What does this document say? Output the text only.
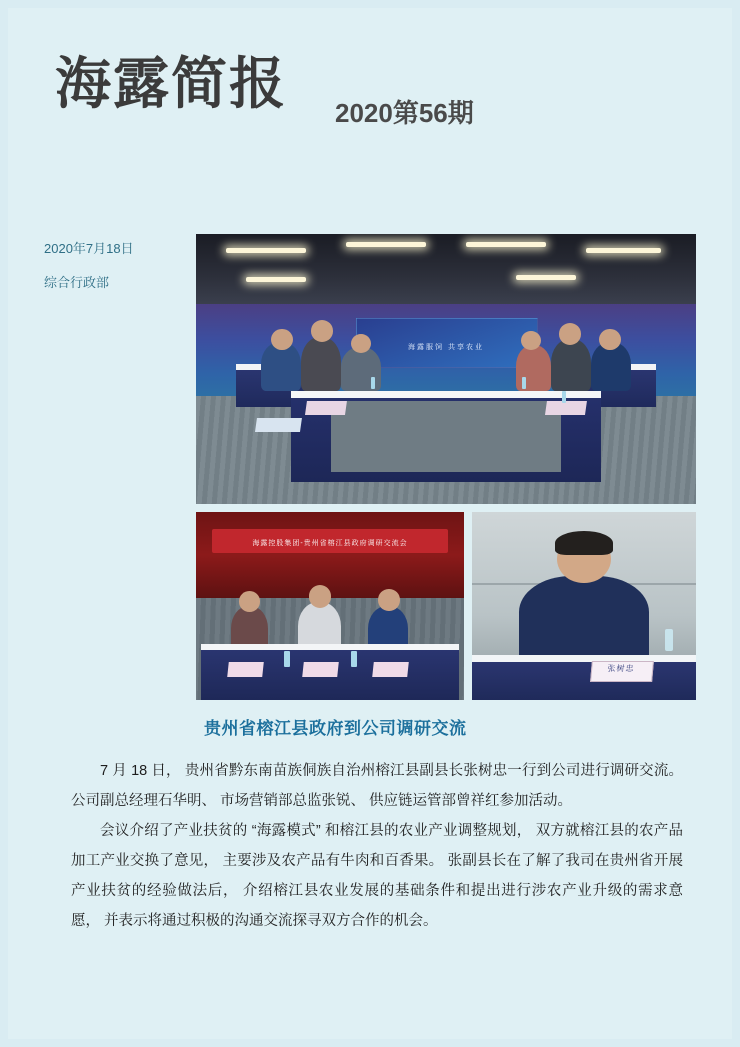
海露简报 2020第56期
2020年7月18日
综合行政部
海露服饲 共享农业
海露控股集团-贵州省榕江县政府调研交流会
张树忠
贵州省榕江县政府到公司调研交流

7 月 18 日， 贵州省黔东南苗族侗族自治州榕江县副县长张树忠一行到公司进行调研交流。 公司副总经理石华明、 市场营销部总监张锐、 供应链运管部曾祥红参加活动。

会议介绍了产业扶贫的 “海露模式” 和榕江县的农业产业调整规划， 双方就榕江县的农产品加工产业交换了意见， 主要涉及农产品有牛肉和百香果。 张副县长在了解了我司在贵州省开展产业扶贫的经验做法后， 介绍榕江县农业发展的基础条件和提出进行涉农产业升级的需求意愿， 并表示将通过积极的沟通交流探寻双方合作的机会。
